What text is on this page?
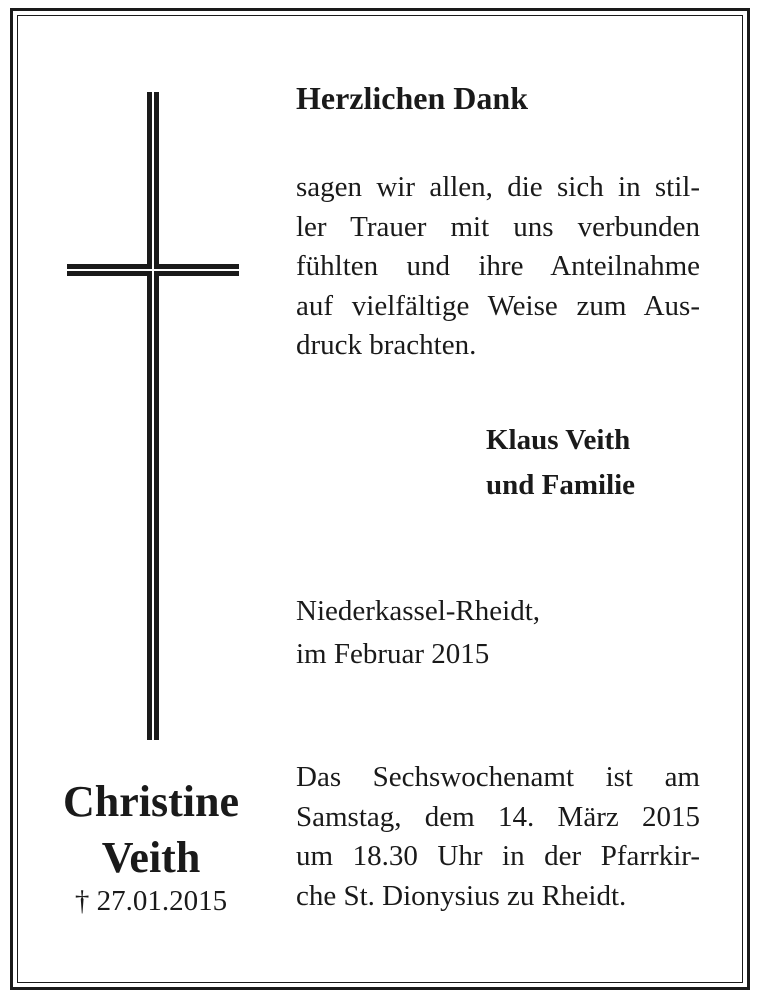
Christine
Veith
† 27.01.2015
Herzlichen Dank

sagen wir allen, die sich in stil-
ler Trauer mit uns verbunden
fühlten und ihre Anteilnahme
auf vielfältige Weise zum Aus-
druck brachten.

Klaus Veith
und Familie
Niederkassel-Rheidt,
im Februar 2015

Das Sechswochenamt ist am
Samstag, dem 14. März 2015
um 18.30 Uhr in der Pfarrkir-
che St. Dionysius zu Rheidt.
